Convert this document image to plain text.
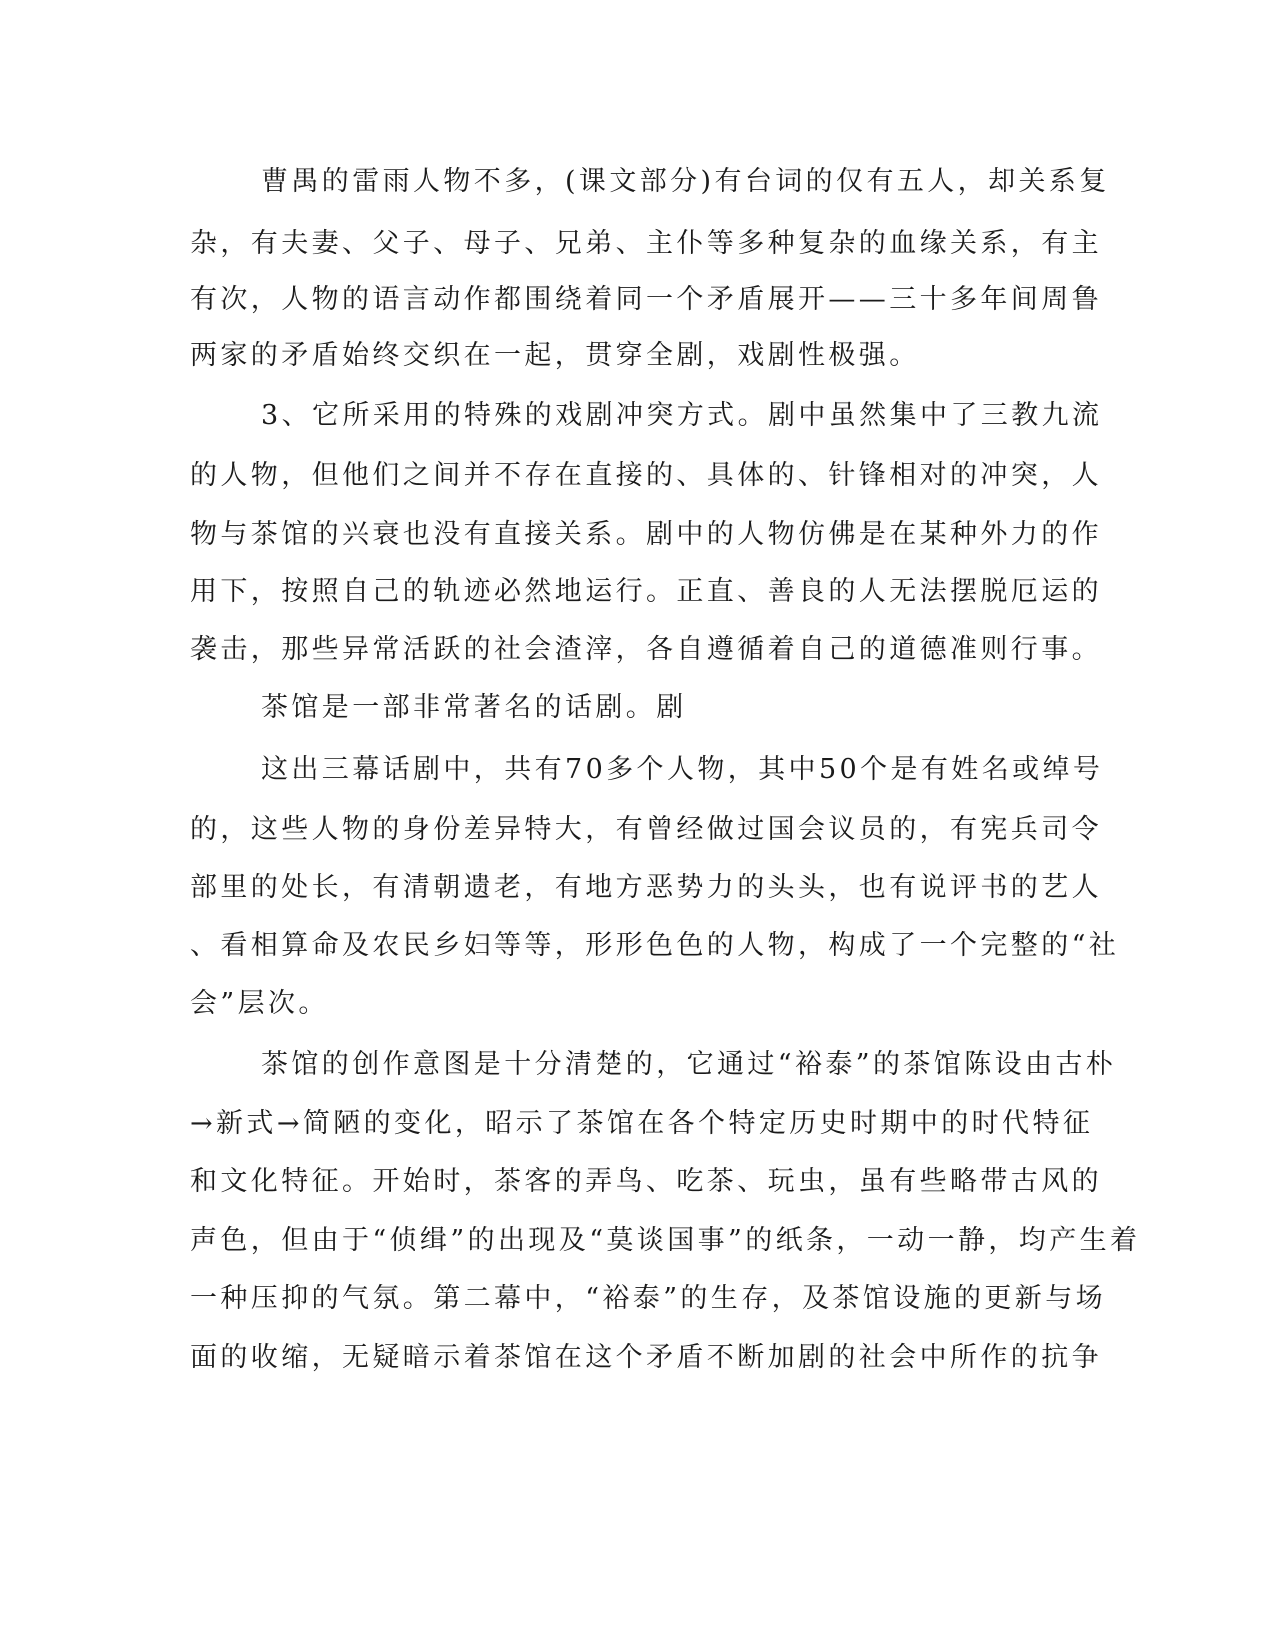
曹禺的雷雨人物不多，(课文部分)有台词的仅有五人，却关系复
杂，有夫妻、父子、母子、兄弟、主仆等多种复杂的血缘关系，有主
有次，人物的语言动作都围绕着同一个矛盾展开——三十多年间周鲁
两家的矛盾始终交织在一起，贯穿全剧，戏剧性极强。
3、它所采用的特殊的戏剧冲突方式。剧中虽然集中了三教九流
的人物，但他们之间并不存在直接的、具体的、针锋相对的冲突，人
物与茶馆的兴衰也没有直接关系。剧中的人物仿佛是在某种外力的作
用下，按照自己的轨迹必然地运行。正直、善良的人无法摆脱厄运的
袭击，那些异常活跃的社会渣滓，各自遵循着自己的道德准则行事。
茶馆是一部非常著名的话剧。剧
这出三幕话剧中，共有70多个人物，其中50个是有姓名或绰号
的，这些人物的身份差异特大，有曾经做过国会议员的，有宪兵司令
部里的处长，有清朝遗老，有地方恶势力的头头，也有说评书的艺人
、看相算命及农民乡妇等等，形形色色的人物，构成了一个完整的“社
会”层次。
茶馆的创作意图是十分清楚的，它通过“裕泰”的茶馆陈设由古朴
→新式→简陋的变化，昭示了茶馆在各个特定历史时期中的时代特征
和文化特征。开始时，茶客的弄鸟、吃茶、玩虫，虽有些略带古风的
声色，但由于“侦缉”的出现及“莫谈国事”的纸条，一动一静，均产生着
一种压抑的气氛。第二幕中，“裕泰”的生存，及茶馆设施的更新与场
面的收缩，无疑暗示着茶馆在这个矛盾不断加剧的社会中所作的抗争
